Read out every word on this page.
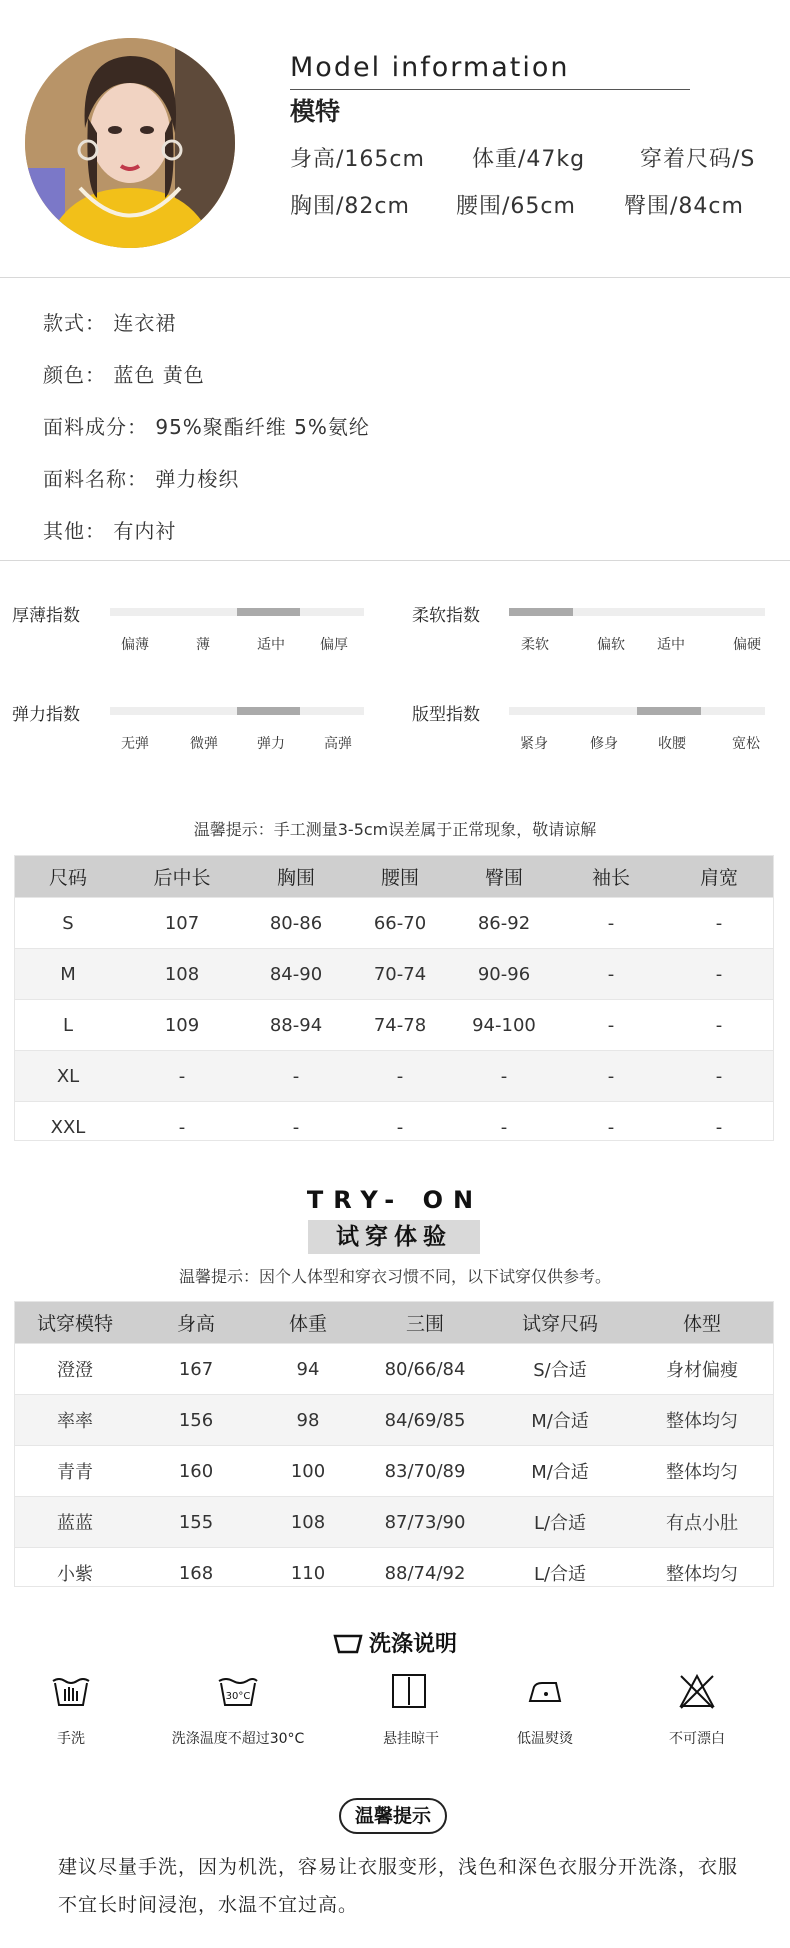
Model information
模特
身高/165cm 体重/47kg 穿着尺码/S
胸围/82cm 腰围/65cm 臀围/84cm
款式： 连衣裙
颜色： 蓝色 黄色
面料成分： 95%聚酯纤维 5%氨纶
面料名称： 弹力梭织
其他： 有内衬
厚薄指数
偏薄	薄	适中	偏厚
柔软指数
柔软	偏软 适中	偏硬
弹力指数
无弹	微弹	弹力	高弹
版型指数
紧身	修身	收腰	宽松
温馨提示：手工测量3-5cm误差属于正常现象，敬请谅解
尺码	后中长	胸围	腰围	臀围	袖长	肩宽
S	107	80-86	66-70	86-92	-	-
M	108	84-90	70-74	90-96	-	-
L	109	88-94	74-78	94-100	-	-
XL	-	-	-	-	-	-
XXL	-	-	-	-	-	-
TRY- ON
试穿体验
温馨提示：因个人体型和穿衣习惯不同，以下试穿仅供参考。
试穿模特	身高	体重	三围	试穿尺码	体型
澄澄	167	94	80/66/84	S/合适	身材偏瘦
率率	156	98	84/69/85	M/合适	整体均匀
青青	160	100	83/70/89	M/合适	整体均匀
蓝蓝	155	108	87/73/90	L/合适	有点小肚
小紫	168	110	88/74/92	L/合适	整体均匀
洗涤说明
手洗
30°C
洗涤温度不超过30°C	悬挂晾干	低温熨烫	不可漂白
温馨提示
建议尽量手洗，因为机洗，容易让衣服变形，浅色和深色衣服分开洗涤，衣服不宜长时间浸泡，水温不宜过高。
